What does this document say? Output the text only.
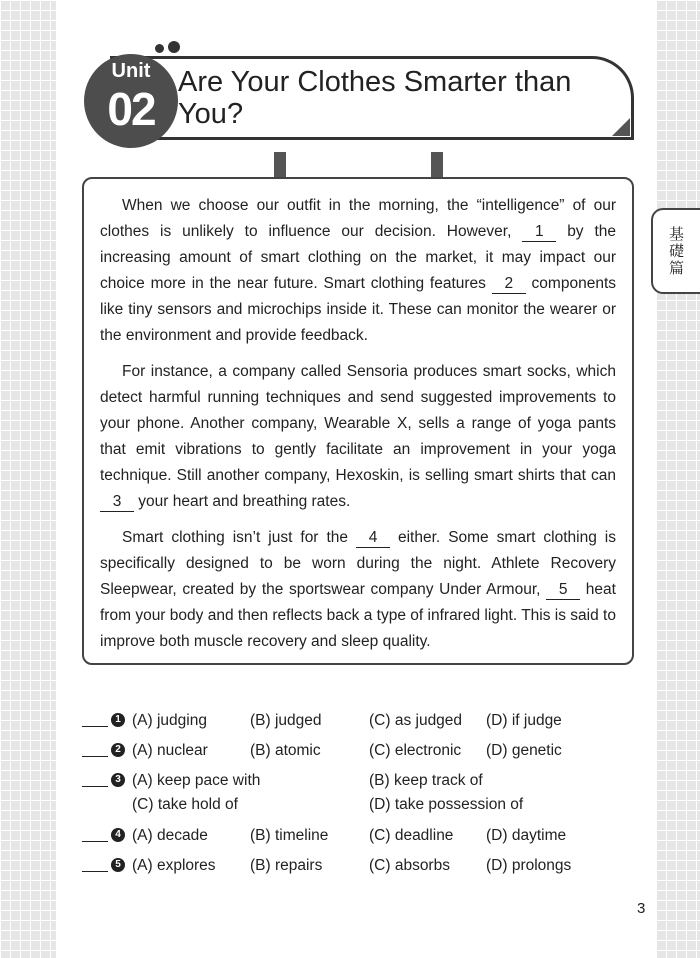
基礎篇
Unit
02
Are Your Clothes Smarter than You?

When we choose our outfit in the morning, the “intelligence” of our clothes is unlikely to influence our decision. However, 1 by the increasing amount of smart clothing on the market, it may impact our choice more in the near future. Smart clothing features 2 components like tiny sensors and microchips inside it. These can monitor the wearer or the environment and provide feedback.

For instance, a company called Sensoria produces smart socks, which detect harmful running techniques and send suggested improvements to your phone. Another company, Wearable X, sells a range of yoga pants that emit vibrations to gently facilitate an improvement in your yoga technique. Still another company, Hexoskin, is selling smart shirts that can 3 your heart and breathing rates.

Smart clothing isn’t just for the 4 either. Some smart clothing is specifically designed to be worn during the night. Athlete Recovery Sleepwear, created by the sportswear company Under Armour, 5 heat from your body and then reflects back a type of infrared light. This is said to improve both muscle recovery and sleep quality.

1 (A) judging	(B) judged	(C) as judged (D) if judge
2 (A) nuclear	(B) atomic	(C) electronic (D) genetic
3 (A) keep pace with	(B) keep track of
(C) take hold of	(D) take possession of
4 (A) decade	(B) timeline	(C) deadline (D) daytime
5 (A) explores (B) repairs	(C) absorbs (D) prolongs
3
